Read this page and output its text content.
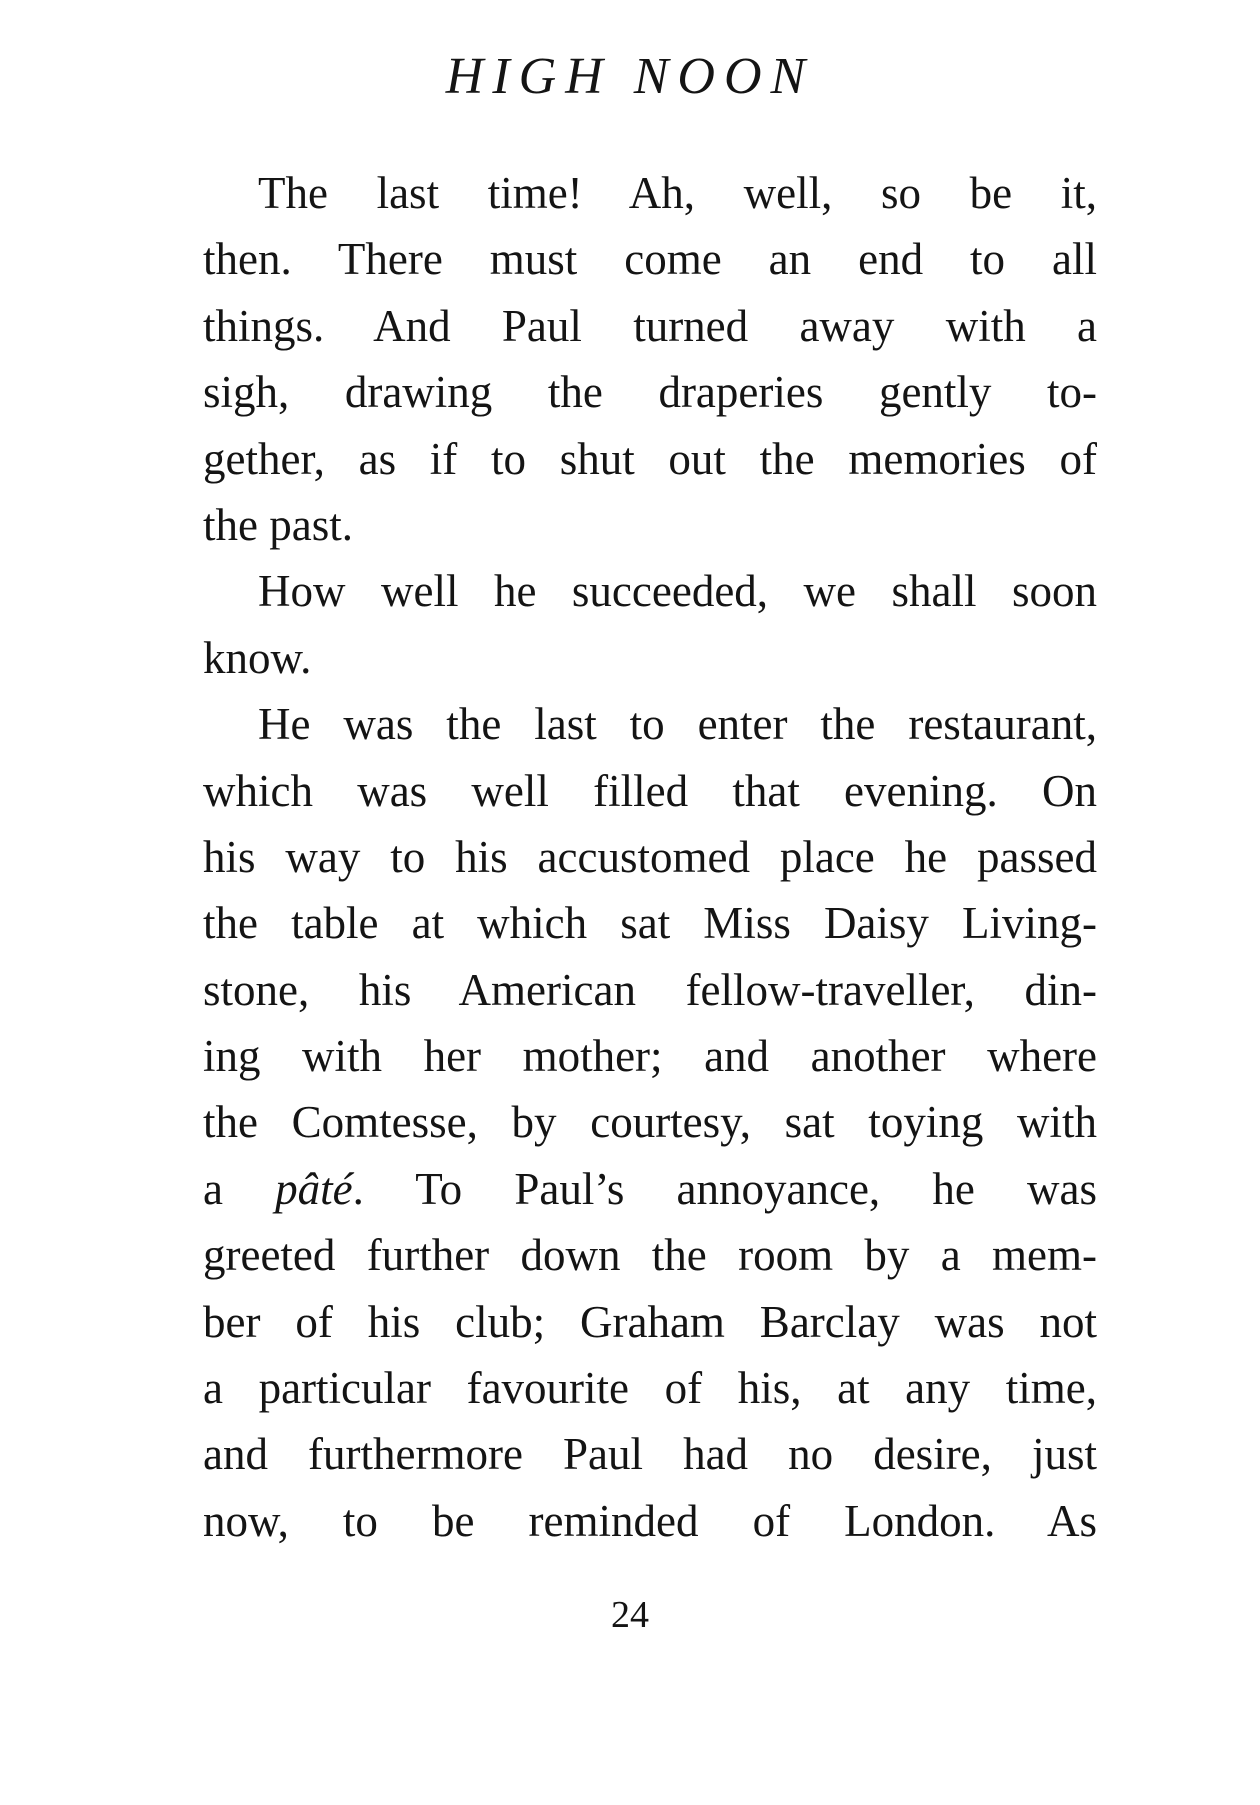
HIGH NOON
The last time! Ah, well, so be it,
then. There must come an end to all
things. And Paul turned away with a
sigh, drawing the draperies gently to-
gether, as if to shut out the memories of
the past.
How well he succeeded, we shall soon
know.
He was the last to enter the restaurant,
which was well filled that evening. On
his way to his accustomed place he passed
the table at which sat Miss Daisy Living-
stone, his American fellow-traveller, din-
ing with her mother; and another where
the Comtesse, by courtesy, sat toying with
a pâté. To Paul’s annoyance, he was
greeted further down the room by a mem-
ber of his club; Graham Barclay was not
a particular favourite of his, at any time,
and furthermore Paul had no desire, just
now, to be reminded of London. As
24
